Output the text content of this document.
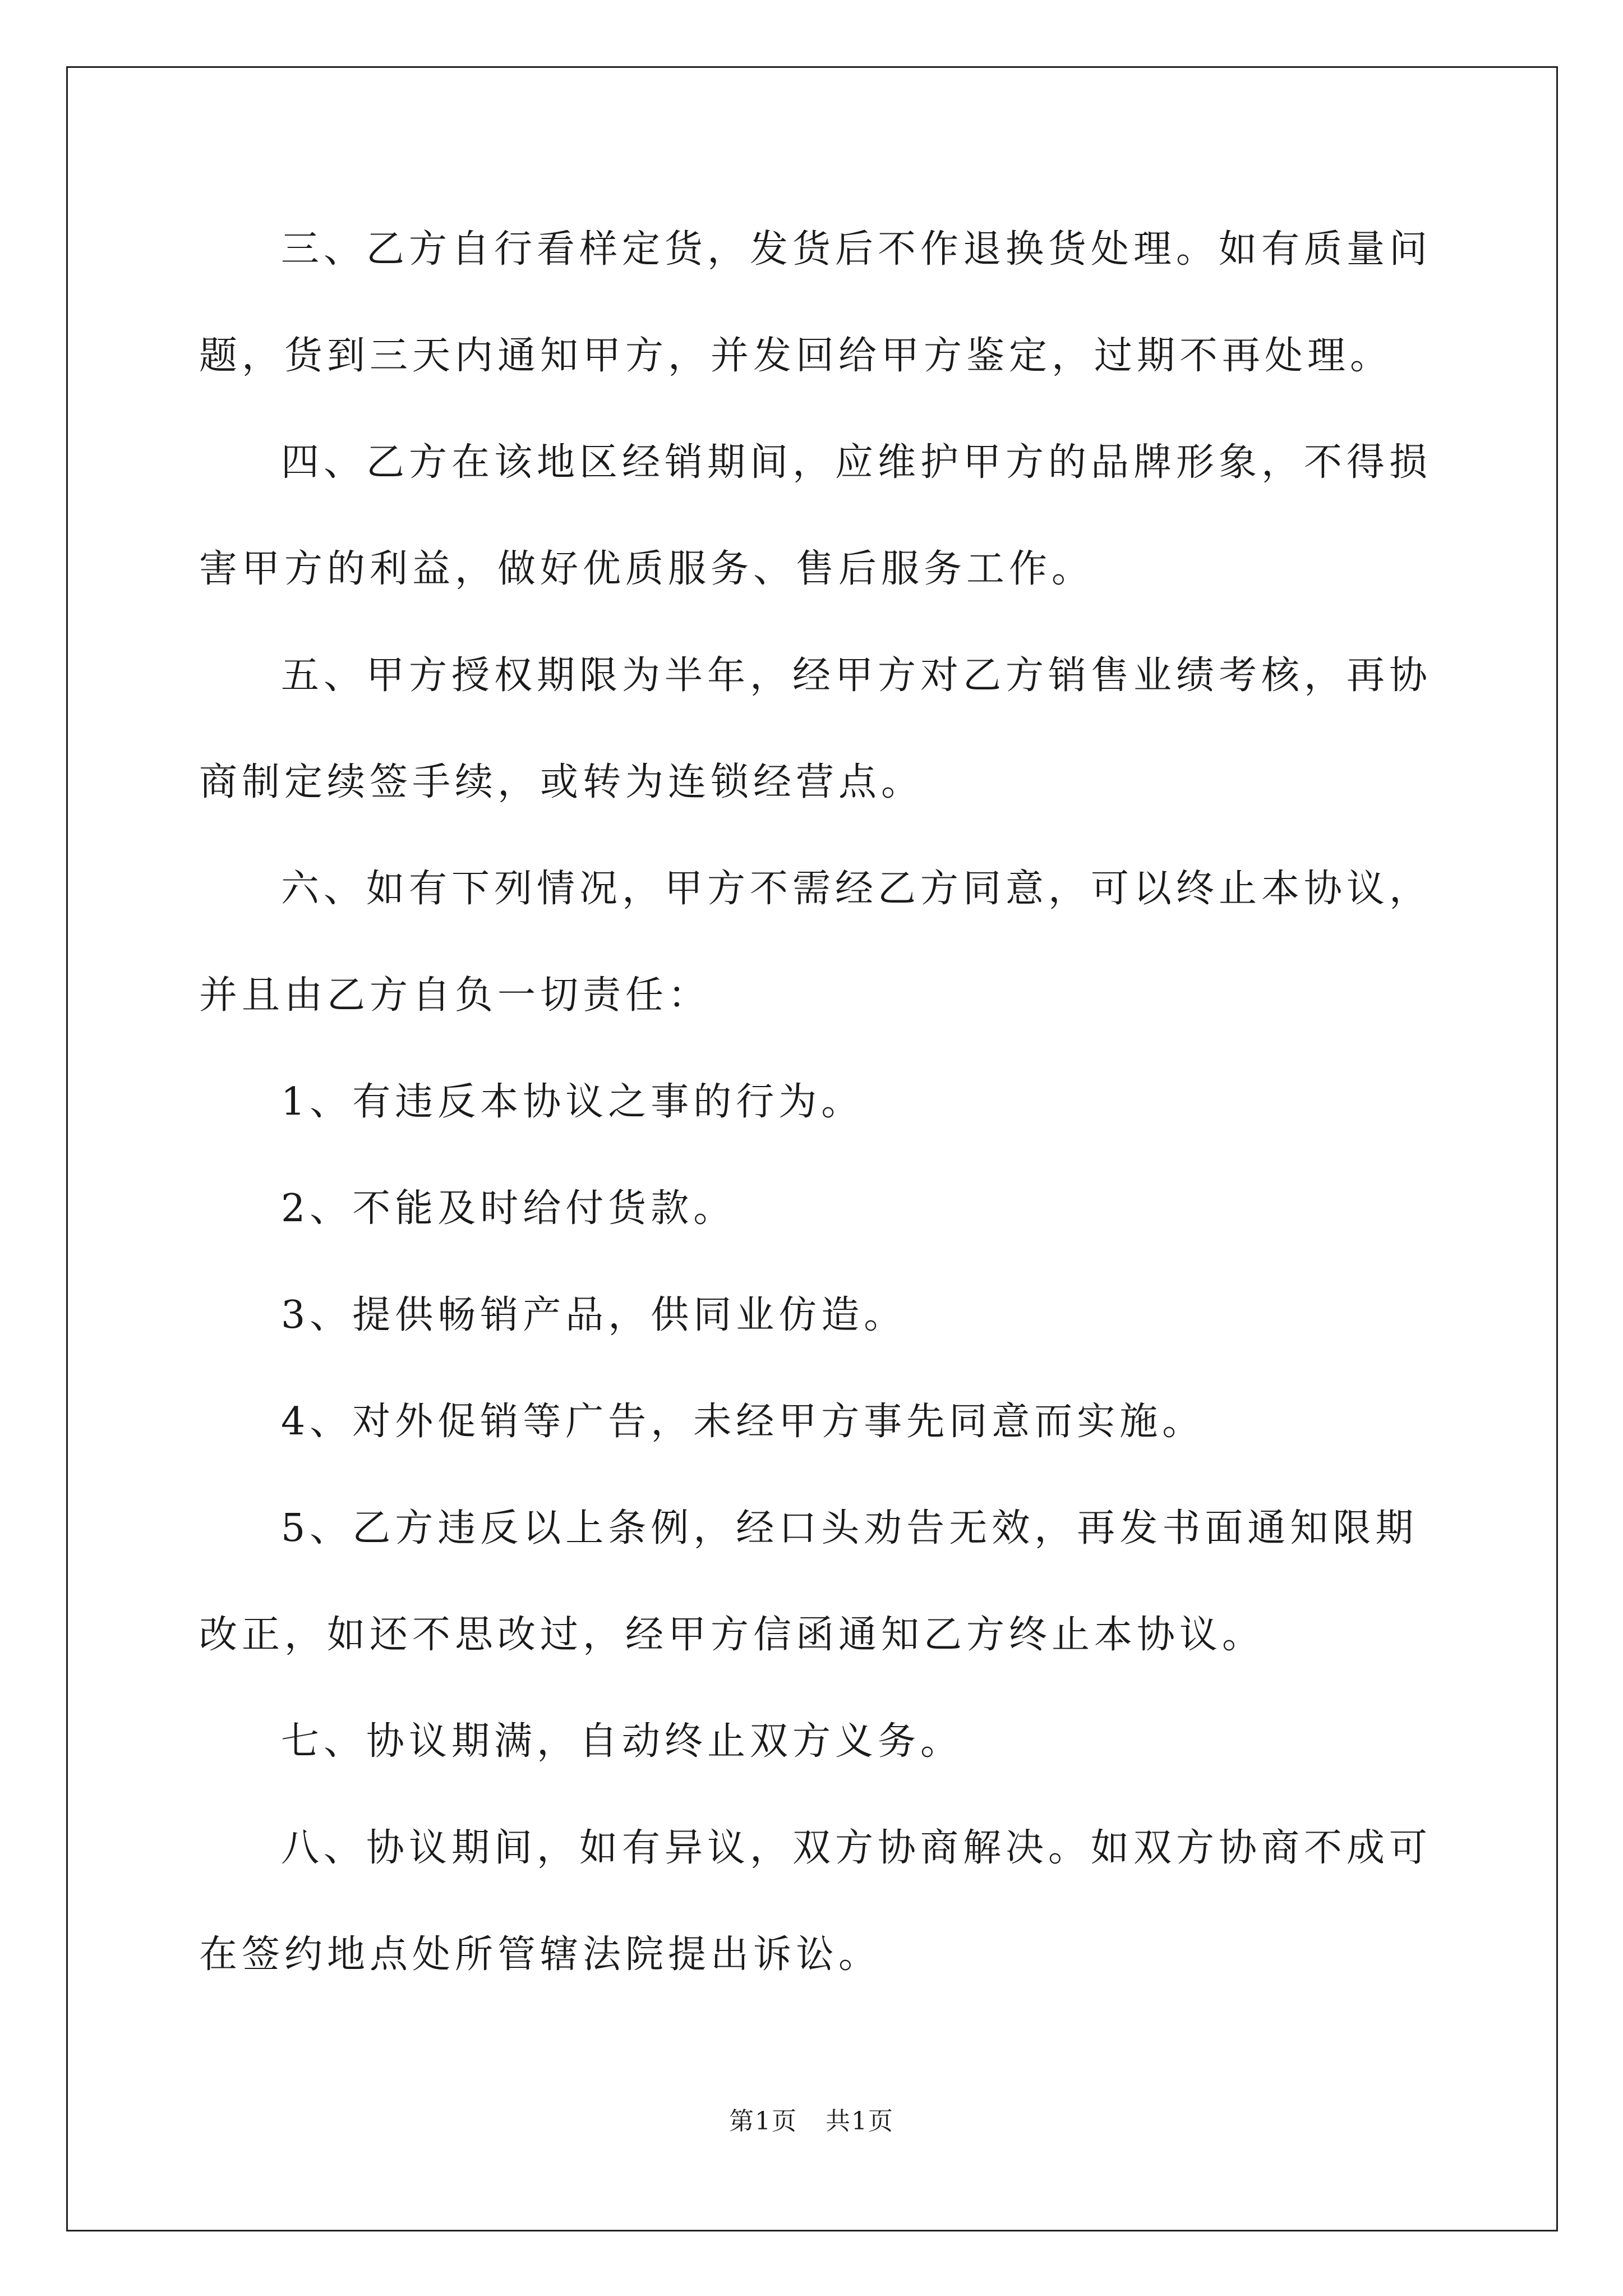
三、乙方自行看样定货，发货后不作退换货处理。如有质量问题，货到三天内通知甲方，并发回给甲方鉴定，过期不再处理。

四、乙方在该地区经销期间，应维护甲方的品牌形象，不得损害甲方的利益，做好优质服务、售后服务工作。

五、甲方授权期限为半年，经甲方对乙方销售业绩考核，再协商制定续签手续，或转为连锁经营点。

六、如有下列情况，甲方不需经乙方同意，可以终止本协议，并且由乙方自负一切责任：

1、有违反本协议之事的行为。

2、不能及时给付货款。

3、提供畅销产品，供同业仿造。

4、对外促销等广告，未经甲方事先同意而实施。

5、乙方违反以上条例，经口头劝告无效，再发书面通知限期改正，如还不思改过，经甲方信函通知乙方终止本协议。

七、协议期满，自动终止双方义务。

八、协议期间，如有异议，双方协商解决。如双方协商不成可在签约地点处所管辖法院提出诉讼。

第1页 共1页
